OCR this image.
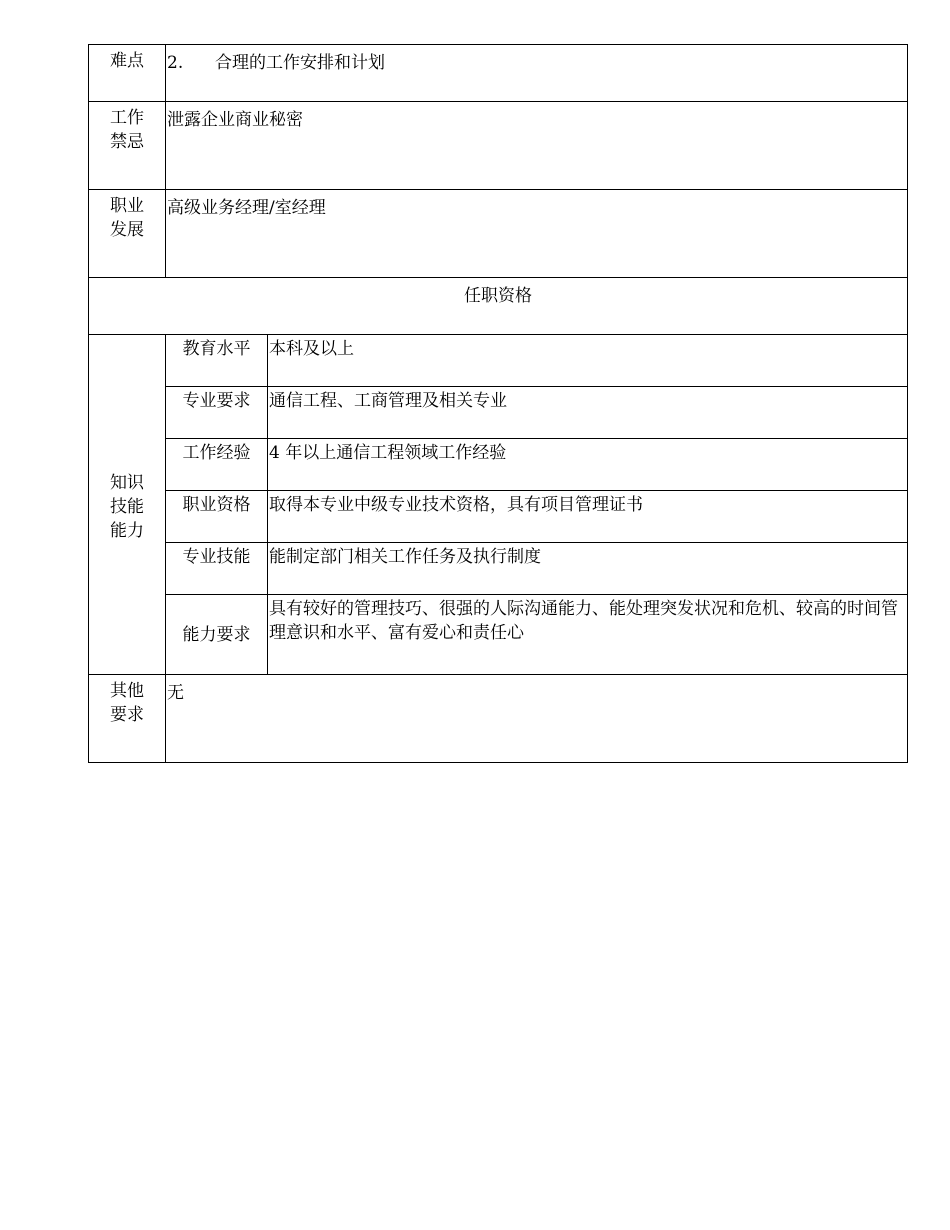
难点	2. 合理的工作安排和计划	

工作
禁忌	泄露企业商业秘密	

职业
发展	高级业务经理/室经理	
任职资格		

知识
技能
能力	教育水平	本科及以上
	专业要求	通信工程、工商管理及相关专业
	工作经验	4 年以上通信工程领域工作经验
	职业资格	取得本专业中级专业技术资格，具有项目管理证书
	专业技能	能制定部门相关工作任务及执行制度
	能力要求	具有较好的管理技巧、很强的人际沟通能力、能处理突发状况和危机、较高的时间管理意识和水平、富有爱心和责任心

其他
要求	无	
